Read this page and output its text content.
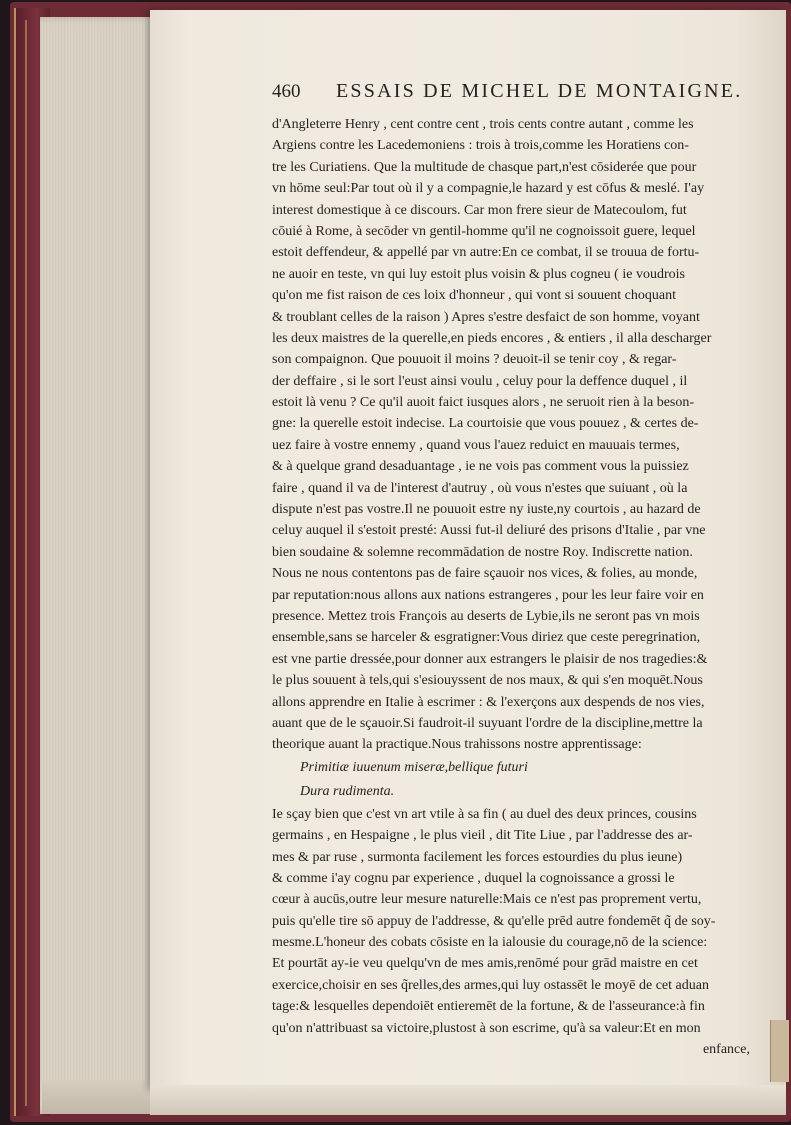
460	ESSAIS DE MICHEL DE MONTAIGNE.
d'Angleterre Henry , cent contre cent , trois cents contre autant , comme les
Argiens contre les Lacedemoniens : trois à trois,comme les Horatiens con-
tre les Curiatiens. Que la multitude de chasque part,n'est cōsiderée que pour
vn hōme seul:Par tout où il y a compagnie,le hazard y est cōfus & meslé. I'ay
interest domestique à ce discours. Car mon frere sieur de Matecoulom, fut
cōuié à Rome, à secōder vn gentil-homme qu'il ne cognoissoit guere, lequel
estoit deffendeur, & appellé par vn autre:En ce combat, il se trouua de fortu-
ne auoir en teste, vn qui luy estoit plus voisin & plus cogneu ( ie voudrois
qu'on me fist raison de ces loix d'honneur , qui vont si souuent choquant
& troublant celles de la raison ) Apres s'estre desfaict de son homme, voyant
les deux maistres de la querelle,en pieds encores , & entiers , il alla descharger
son compaignon. Que pouuoit il moins ? deuoit-il se tenir coy , & regar-
der deffaire , si le sort l'eust ainsi voulu , celuy pour la deffence duquel , il
estoit là venu ? Ce qu'il auoit faict iusques alors , ne seruoit rien à la beson-
gne: la querelle estoit indecise. La courtoisie que vous pouuez , & certes de-
uez faire à vostre ennemy , quand vous l'auez reduict en mauuais termes,
& à quelque grand desaduantage , ie ne vois pas comment vous la puissiez
faire , quand il va de l'interest d'autruy , où vous n'estes que suiuant , où la
dispute n'est pas vostre.Il ne pouuoit estre ny iuste,ny courtois , au hazard de
celuy auquel il s'estoit presté: Aussi fut-il deliuré des prisons d'Italie , par vne
bien soudaine & solemne recommādation de nostre Roy. Indiscrette nation.
Nous ne nous contentons pas de faire sçauoir nos vices, & folies, au monde,
par reputation:nous allons aux nations estrangeres , pour les leur faire voir en
presence. Mettez trois François au deserts de Lybie,ils ne seront pas vn mois
ensemble,sans se harceler & esgratigner:Vous diriez que ceste peregrination,
est vne partie dressée,pour donner aux estrangers le plaisir de nos tragedies:&
le plus souuent à tels,qui s'esiouyssent de nos maux, & qui s'en moquēt.Nous
allons apprendre en Italie à escrimer : & l'exerçons aux despends de nos vies,
auant que de le sçauoir.Si faudroit-il suyuant l'ordre de la discipline,mettre la
theorique auant la practique.Nous trahissons nostre apprentissage:
Primitiæ iuuenum miseræ,bellique futuri
Dura rudimenta.
Ie sçay bien que c'est vn art vtile à sa fin ( au duel des deux princes, cousins
germains , en Hespaigne , le plus vieil , dit Tite Liue , par l'addresse des ar-
mes & par ruse , surmonta facilement les forces estourdies du plus ieune)
& comme i'ay cognu par experience , duquel la cognoissance a grossi le
cœur à aucūs,outre leur mesure naturelle:Mais ce n'est pas proprement vertu,
puis qu'elle tire sō appuy de l'addresse, & qu'elle prēd autre fondemēt q̃ de soy-
mesme.L'honeur des cobats cōsiste en la ialousie du courage,nō de la science:
Et pourtāt ay-ie veu quelqu'vn de mes amis,renōmé pour grād maistre en cet
exercice,choisir en ses q̃relles,des armes,qui luy ostassēt le moyē de cet aduan
tage:& lesquelles dependoiēt entieremēt de la fortune, & de l'asseurance:à fin
qu'on n'attribuast sa victoire,plustost à son escrime, qu'à sa valeur:Et en mon
enfance,
